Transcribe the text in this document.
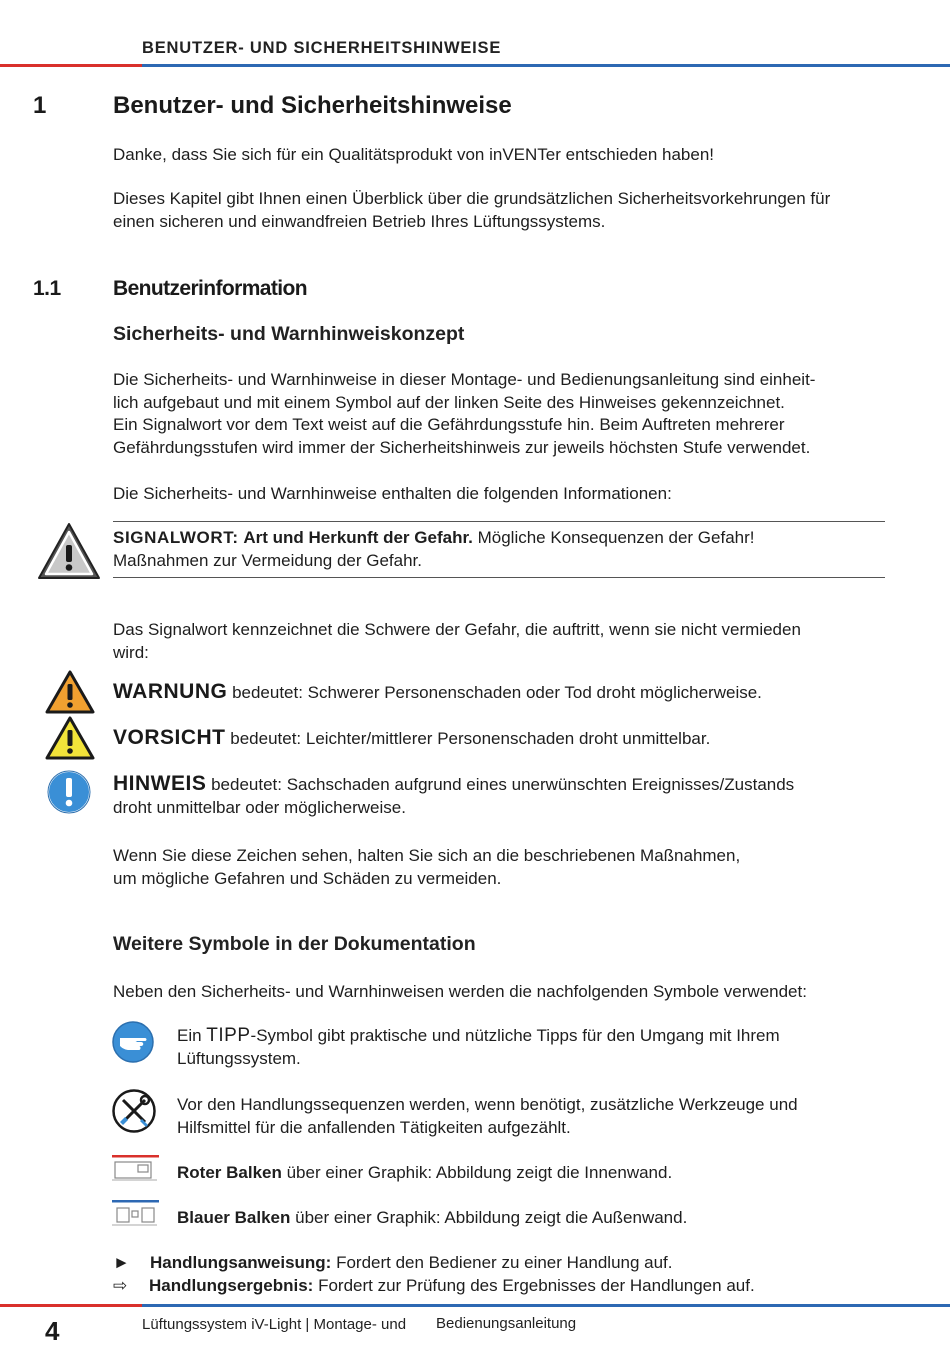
BENUTZER- UND SICHERHEITSHINWEISE
1	Benutzer- und Sicherheitshinweise
Danke, dass Sie sich für ein Qualitätsprodukt von inVENTer entschieden haben!
Dieses Kapitel gibt Ihnen einen Überblick über die grundsätzlichen Sicherheitsvorkehrungen für
einen sicheren und einwandfreien Betrieb Ihres Lüftungssystems.
1.1 Benutzerinformation
Sicherheits- und Warnhinweiskonzept
Die Sicherheits- und Warnhinweise in dieser Montage- und Bedienungsanleitung sind einheit-
lich aufgebaut und mit einem Symbol auf der linken Seite des Hinweises gekennzeichnet.
Ein Signalwort vor dem Text weist auf die Gefährdungsstufe hin. Beim Auftreten mehrerer
Gefährdungsstufen wird immer der Sicherheitshinweis zur jeweils höchsten Stufe verwendet.
Die Sicherheits- und Warnhinweise enthalten die folgenden Informationen:
SIGNALWORT: Art und Herkunft der Gefahr. Mögliche Konsequenzen der Gefahr!
Maßnahmen zur Vermeidung der Gefahr.
Das Signalwort kennzeichnet die Schwere der Gefahr, die auftritt, wenn sie nicht vermieden
wird:
WARNUNG bedeutet: Schwerer Personenschaden oder Tod droht möglicherweise.
VORSICHT bedeutet: Leichter/mittlerer Personenschaden droht unmittelbar.
HINWEIS bedeutet: Sachschaden aufgrund eines unerwünschten Ereignisses/Zustands
droht unmittelbar oder möglicherweise.
Wenn Sie diese Zeichen sehen, halten Sie sich an die beschriebenen Maßnahmen,
um mögliche Gefahren und Schäden zu vermeiden.
Weitere Symbole in der Dokumentation
Neben den Sicherheits- und Warnhinweisen werden die nachfolgenden Symbole verwendet:
Ein TIPP-Symbol gibt praktische und nützliche Tipps für den Umgang mit Ihrem
Lüftungssystem.
Vor den Handlungssequenzen werden, wenn benötigt, zusätzliche Werkzeuge und
Hilfsmittel für die anfallenden Tätigkeiten aufgezählt.
Roter Balken über einer Graphik: Abbildung zeigt die Innenwand.
Blauer Balken über einer Graphik: Abbildung zeigt die Außenwand.
► Handlungsanweisung: Fordert den Bediener zu einer Handlung auf.
⇨ Handlungsergebnis: Fordert zur Prüfung des Ergebnisses der Handlungen auf.
4	Lüftungssystem iV-Light | Montage- und Bedienungsanleitung
